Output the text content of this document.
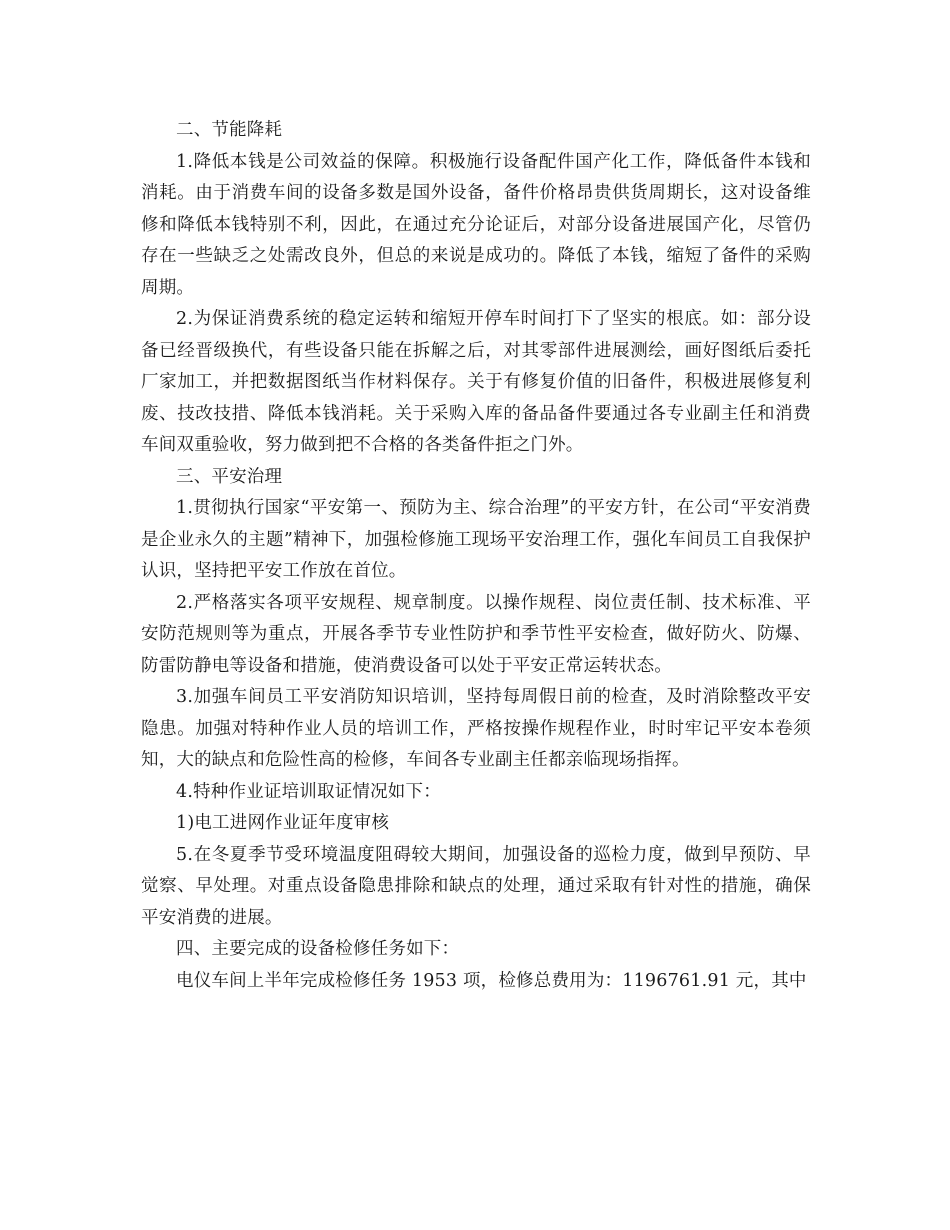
二、节能降耗

1.降低本钱是公司效益的保障。积极施行设备配件国产化工作，降低备件本钱和消耗。由于消费车间的设备多数是国外设备，备件价格昂贵供货周期长，这对设备维修和降低本钱特别不利，因此，在通过充分论证后，对部分设备进展国产化，尽管仍存在一些缺乏之处需改良外，但总的来说是成功的。降低了本钱，缩短了备件的采购周期。

2.为保证消费系统的稳定运转和缩短开停车时间打下了坚实的根底。如：部分设备已经晋级换代，有些设备只能在拆解之后，对其零部件进展测绘，画好图纸后委托厂家加工，并把数据图纸当作材料保存。关于有修复价值的旧备件，积极进展修复利废、技改技措、降低本钱消耗。关于采购入库的备品备件要通过各专业副主任和消费车间双重验收，努力做到把不合格的各类备件拒之门外。

三、平安治理

1.贯彻执行国家“平安第一、预防为主、综合治理”的平安方针，在公司“平安消费是企业永久的主题”精神下，加强检修施工现场平安治理工作，强化车间员工自我保护认识，坚持把平安工作放在首位。

2.严格落实各项平安规程、规章制度。以操作规程、岗位责任制、技术标准、平安防范规则等为重点，开展各季节专业性防护和季节性平安检查，做好防火、防爆、防雷防静电等设备和措施，使消费设备可以处于平安正常运转状态。

3.加强车间员工平安消防知识培训，坚持每周假日前的检查，及时消除整改平安隐患。加强对特种作业人员的培训工作，严格按操作规程作业，时时牢记平安本卷须知，大的缺点和危险性高的检修，车间各专业副主任都亲临现场指挥。

4.特种作业证培训取证情况如下：

1)电工进网作业证年度审核

5.在冬夏季节受环境温度阻碍较大期间，加强设备的巡检力度，做到早预防、早觉察、早处理。对重点设备隐患排除和缺点的处理，通过采取有针对性的措施，确保平安消费的进展。

四、主要完成的设备检修任务如下：

电仪车间上半年完成检修任务 1953 项，检修总费用为：1196761.91 元，其中
